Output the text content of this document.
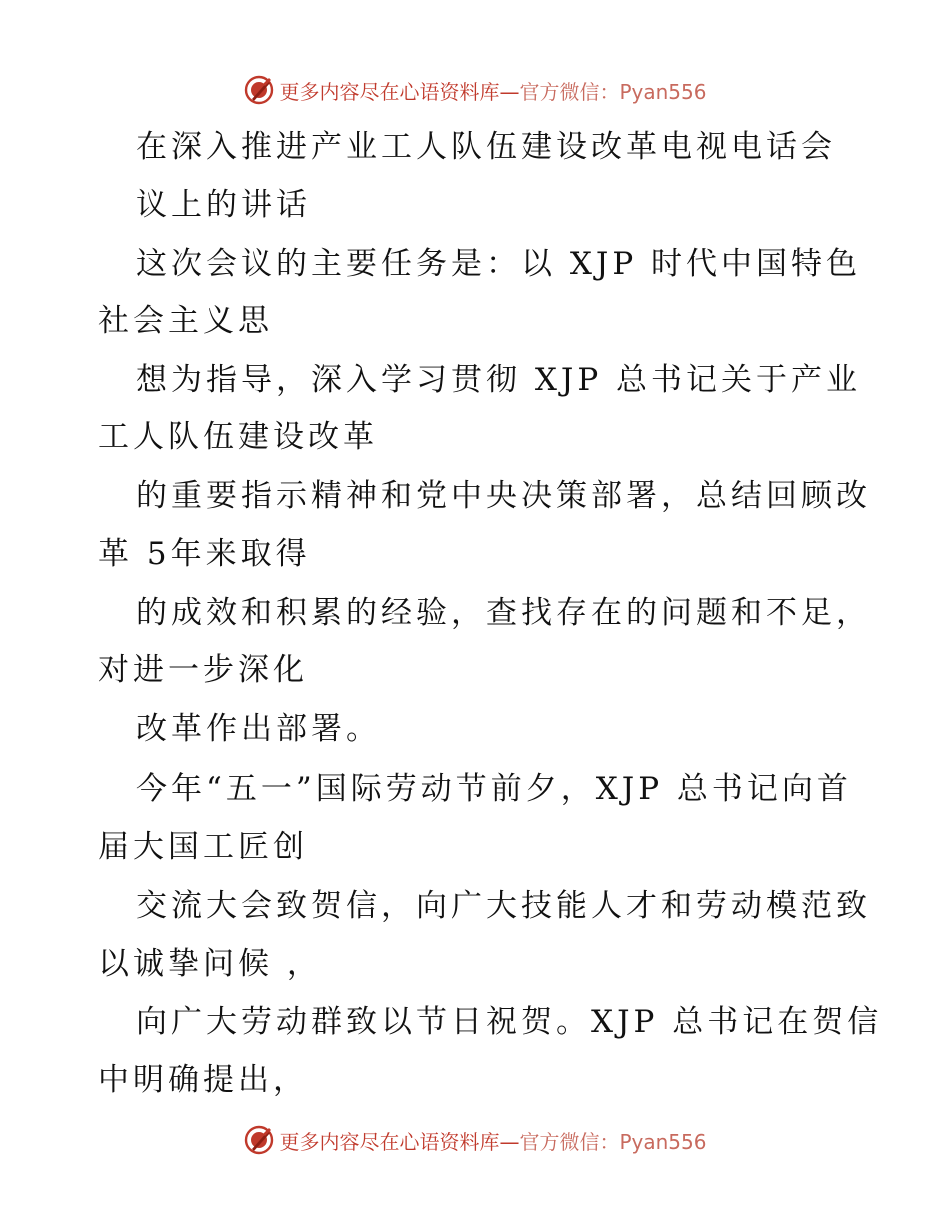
更多内容尽在心语资料库—官方微信：Pyan556
在深入推进产业工人队伍建设改革电视电话会
议上的讲话
这次会议的主要任务是：以 XJP 时代中国特色
社会主义思
想为指导，深入学习贯彻 XJP 总书记关于产业
工人队伍建设改革
的重要指示精神和党中央决策部署，总结回顾改
革 5年来取得
的成效和积累的经验，查找存在的问题和不足，
对进一步深化
改革作出部署。
今年“五一”国际劳动节前夕，XJP 总书记向首
届大国工匠创
交流大会致贺信，向广大技能人才和劳动模范致
以诚挚问候 ，
向广大劳动群致以节日祝贺。XJP 总书记在贺信
中明确提出，
更多内容尽在心语资料库—官方微信：Pyan556
